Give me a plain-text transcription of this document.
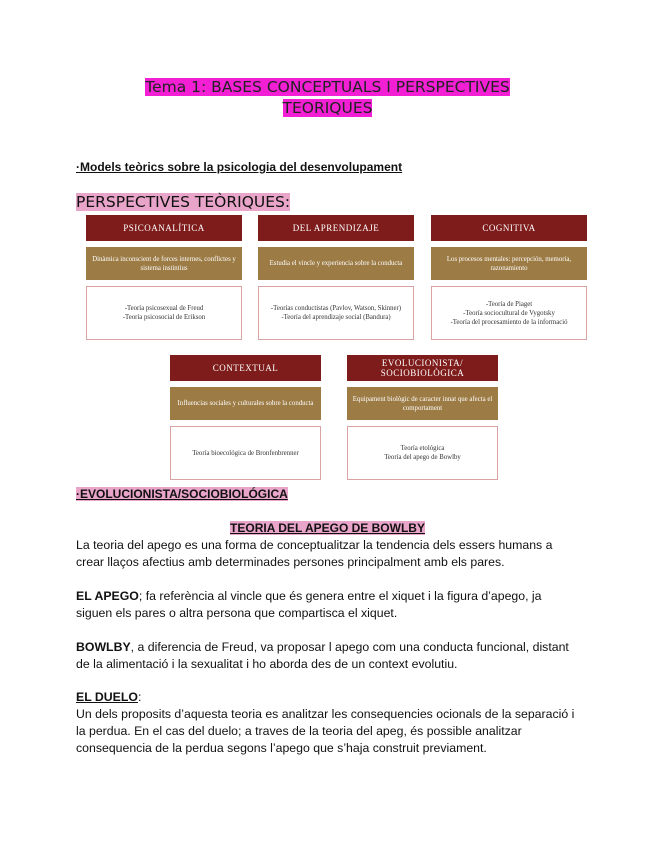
Tema 1: BASES CONCEPTUALS I PERSPECTIVES
TEORIQUES
·Models teòrics sobre la psicologia del desenvolupament
PERSPECTIVES TEÒRIQUES:
PSICOANALÍTICA
Dinàmica inconscient de forces internes, conflictes y sistema instintius
-Teoría psicosexual de Freud
-Teoría psicosocial de Erikson
DEL APRENDIZAJE
Estudia el vincle y experiencia sobre la conducta
-Teorías conductistas (Pavlov, Watson, Skinner)
-Teoría del aprendizaje social (Bandura)
COGNITIVA
Los procesos mentales: percepción, memoria, razonamiento
-Teoría de Piaget
-Teoría sociocultural de Vygotsky
-Teoría del procesamiento de la informació
CONTEXTUAL
Influencias sociales y culturales sobre la conducta
Teoría bioecológica de Bronfenbrenner
EVOLUCIONISTA/
SOCIOBIOLÒGICA
Equipament biològic de caracter innat que afecta el comportament
Teoría etológica
Teoría del apego de Bowlby
·EVOLUCIONISTA/SOCIOBIOLÓGICA
TEORIA DEL APEGO DE BOWLBY
La teoria del apego es una forma de conceptualitzar la tendencia dels essers humans a crear llaços afectius amb determinades persones principalment amb els pares.
EL APEGO; fa referència al vincle que és genera entre el xiquet i la figura d’apego, ja siguen els pares o altra persona que compartisca el xiquet.
BOWLBY, a diferencia de Freud, va proposar l apego com una conducta funcional, distant de la alimentació i la sexualitat i ho aborda des de un context evolutiu.
EL DUELO:
Un dels proposits d’aquesta teoria es analitzar les consequencies ocionals de la separació i la perdua. En el cas del duelo; a traves de la teoria del apeg, és possible analitzar consequencia de la perdua segons l’apego que s’haja construit previament.
